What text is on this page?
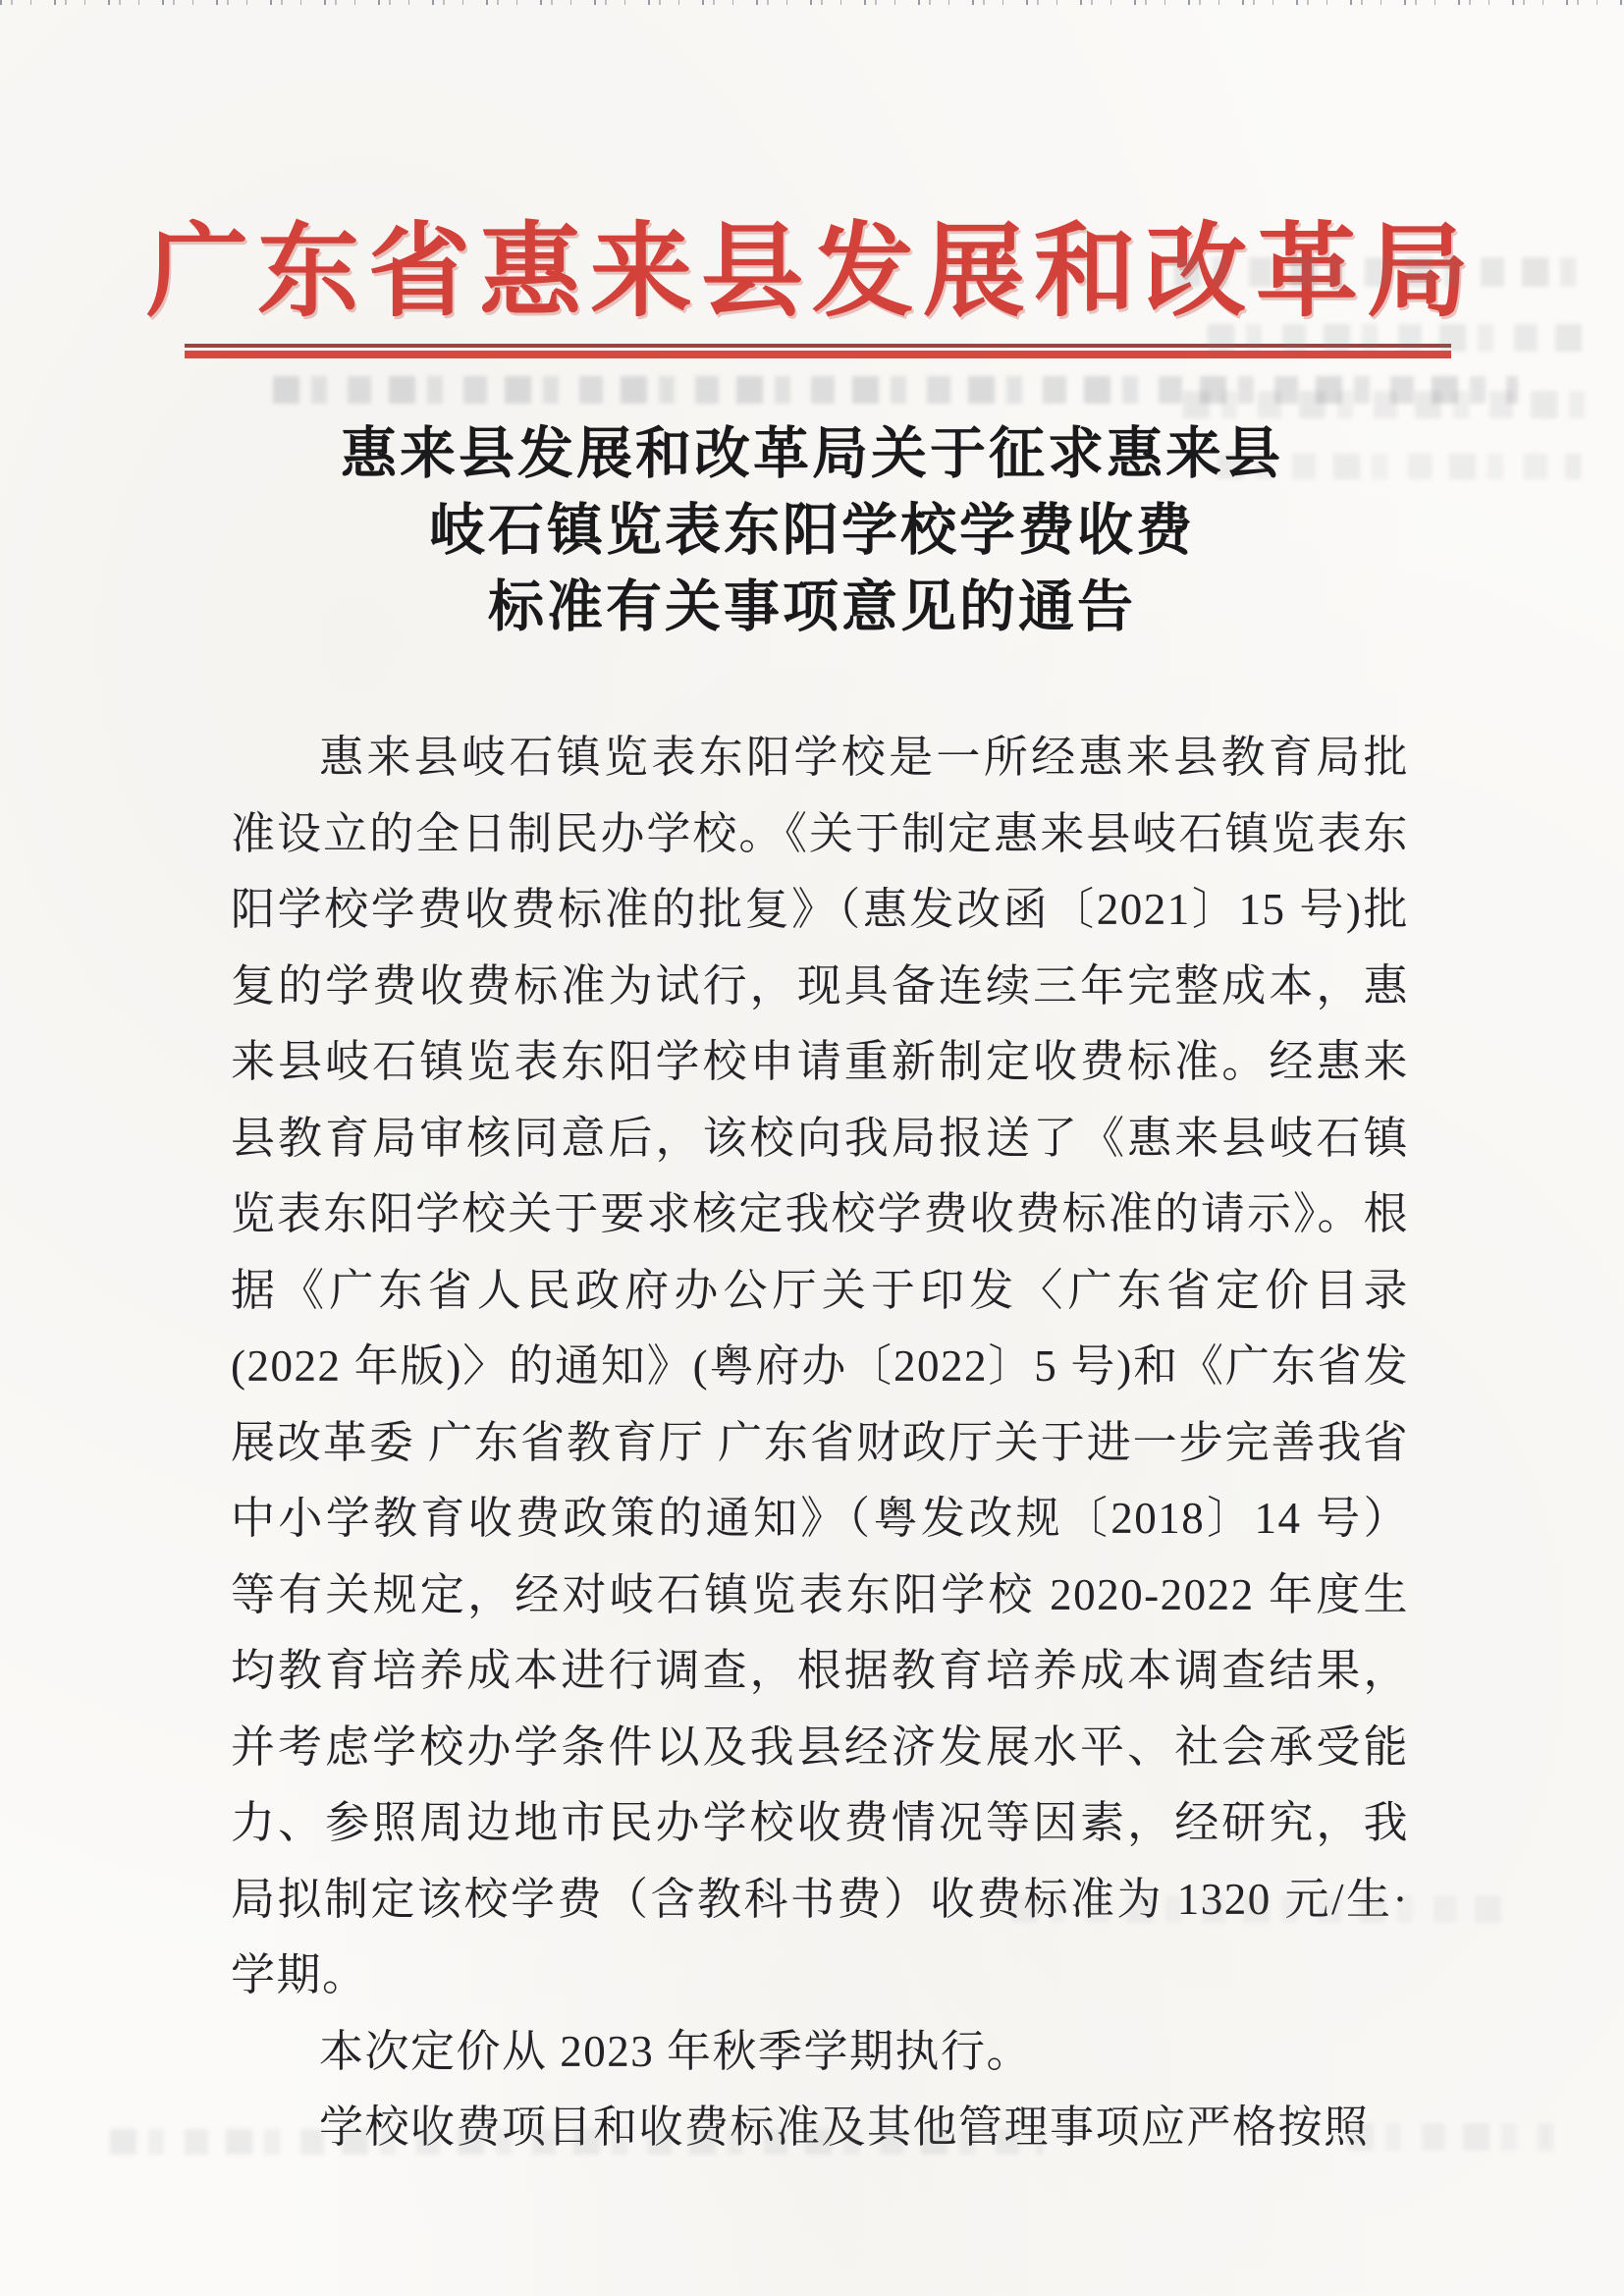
广东省惠来县发展和改革局
惠来县发展和改革局关于征求惠来县
岐石镇览表东阳学校学费收费
标准有关事项意见的通告

惠来县岐石镇览表东阳学校是一所经惠来县教育局批准设立的全日制民办学校。《关于制定惠来县岐石镇览表东阳学校学费收费标准的批复》（惠发改函〔2021〕15 号)批复的学费收费标准为试行，现具备连续三年完整成本，惠来县岐石镇览表东阳学校申请重新制定收费标准。经惠来县教育局审核同意后，该校向我局报送了《惠来县岐石镇览表东阳学校关于要求核定我校学费收费标准的请示》。根据《广东省人民政府办公厅关于印发〈广东省定价目录(2022 年版)〉的通知》(粤府办〔2022〕5 号)和《广东省发展改革委 广东省教育厅 广东省财政厅关于进一步完善我省中小学教育收费政策的通知》（粤发改规〔2018〕14 号）等有关规定，经对岐石镇览表东阳学校 2020-2022 年度生均教育培养成本进行调查，根据教育培养成本调查结果，并考虑学校办学条件以及我县经济发展水平、社会承受能力、参照周边地市民办学校收费情况等因素，经研究，我局拟制定该校学费（含教科书费）收费标准为 1320 元/生·学期。

本次定价从 2023 年秋季学期执行。

学校收费项目和收费标准及其他管理事项应严格按照
